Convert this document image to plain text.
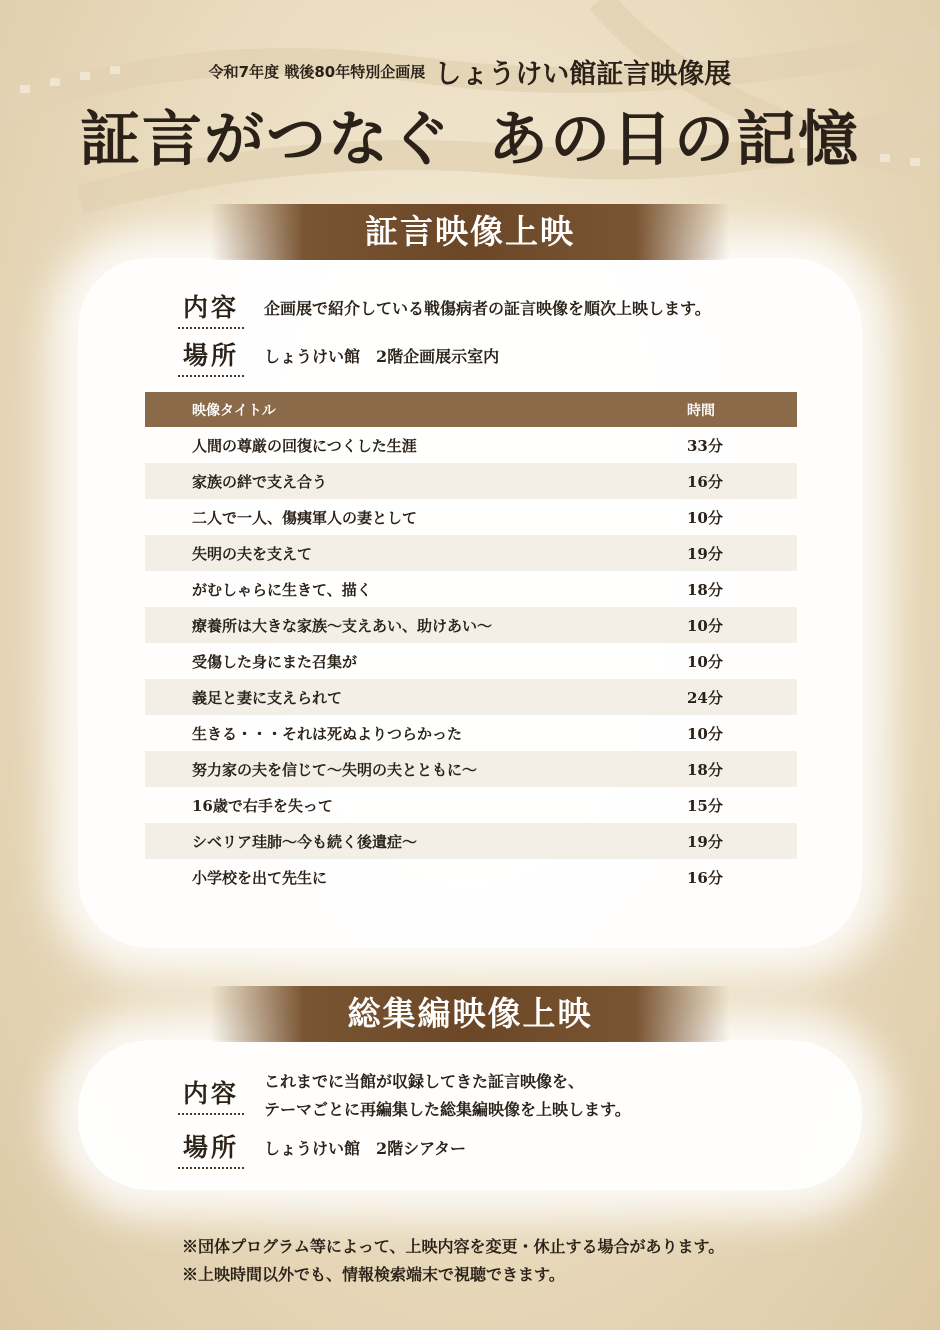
令和7年度 戦後80年特別企画展 しょうけい館証言映像展
証言がつなぐ あの日の記憶
証言映像上映
内容	企画展で紹介している戦傷病者の証言映像を順次上映します。
場所	しょうけい館　2階企画展示室内
映像タイトル	時間
人間の尊厳の回復につくした生涯	33分
家族の絆で支え合う	16分
二人で一人、傷痍軍人の妻として	10分
失明の夫を支えて	19分
がむしゃらに生きて、描く	18分
療養所は大きな家族～支えあい、助けあい～	10分
受傷した身にまた召集が	10分
義足と妻に支えられて	24分
生きる・・・それは死ぬよりつらかった	10分
努力家の夫を信じて～失明の夫とともに～	18分
16歳で右手を失って	15分
シベリア珪肺～今も続く後遺症～	19分
小学校を出て先生に	16分
総集編映像上映
内容	これまでに当館が収録してきた証言映像を、
テーマごとに再編集した総集編映像を上映します。
場所	しょうけい館　2階シアター
※団体プログラム等によって、上映内容を変更・休止する場合があります。
※上映時間以外でも、情報検索端末で視聴できます。
